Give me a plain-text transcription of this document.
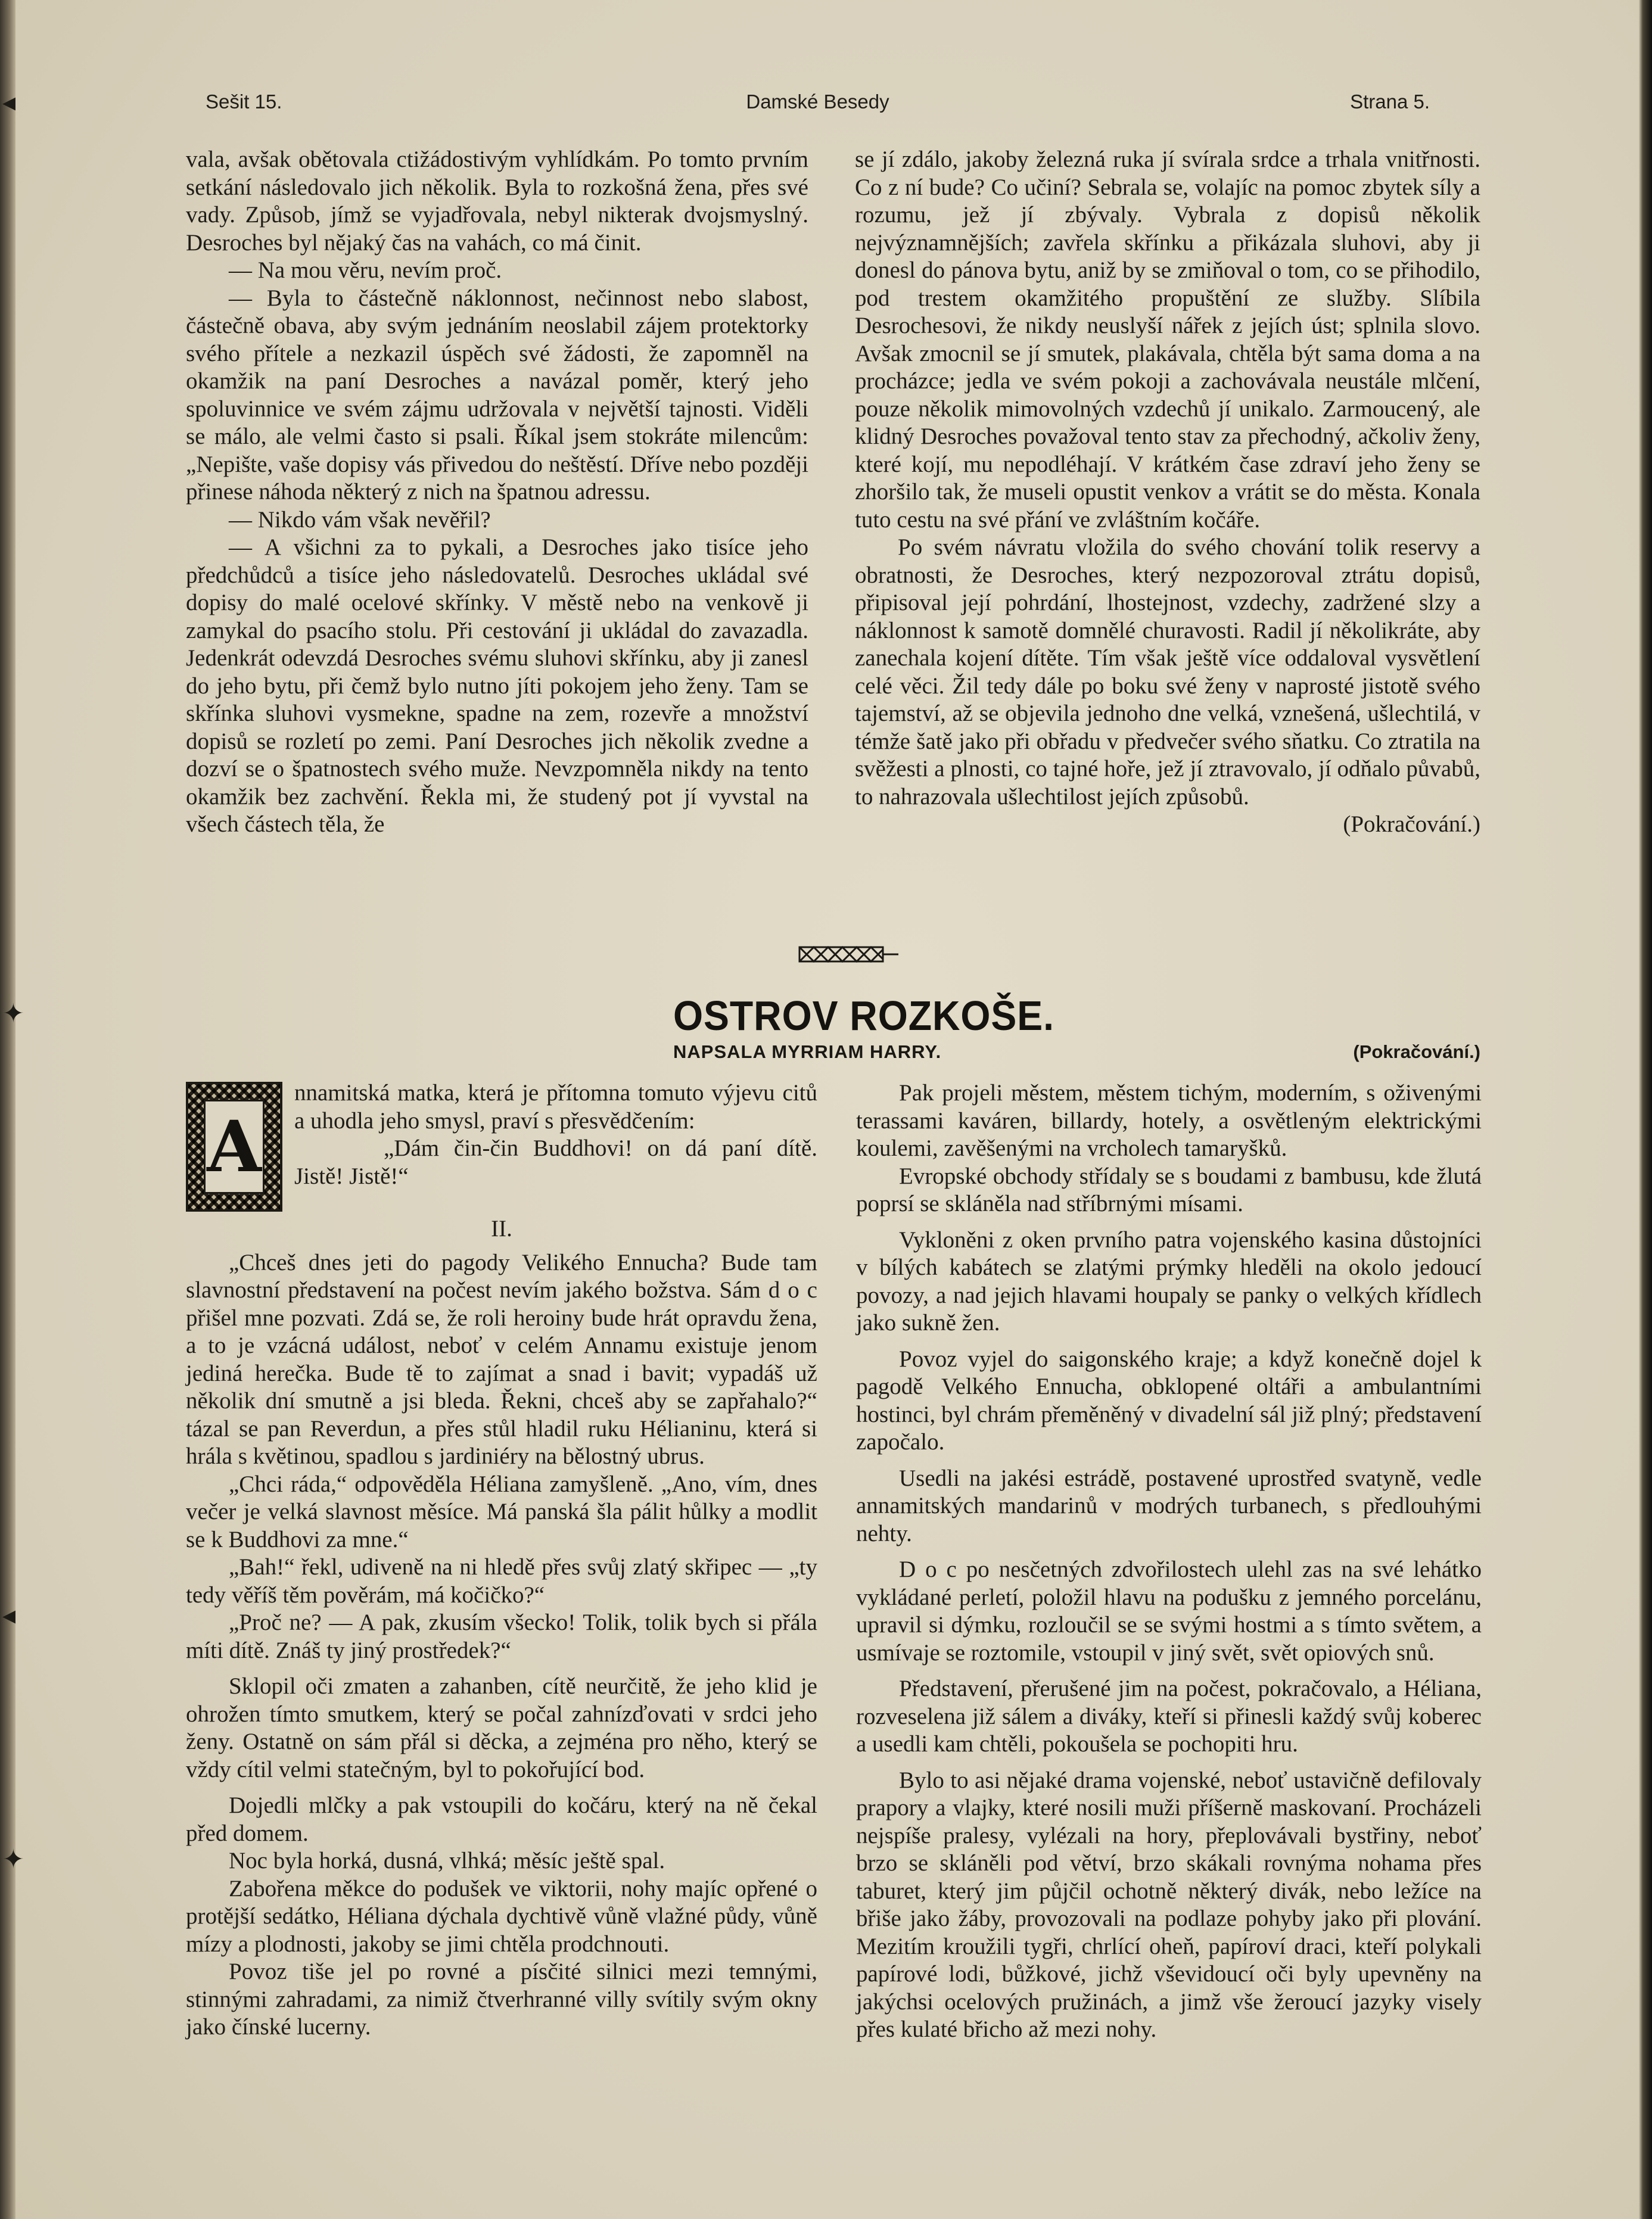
◂
✦
◂
✦
Sešit 15.	Damské Besedy	Strana 5.

vala, avšak obětovala ctižádostivým vyhlídkám. Po tomto prvním setkání následovalo jich několik. Byla to rozkošná žena, přes své vady. Způsob, jímž se vyjadřovala, nebyl nikterak dvojsmyslný. Desroches byl nějaký čas na vahách, co má činit.

— Na mou věru, nevím proč.

— Byla to částečně náklonnost, nečinnost nebo slabost, částečně obava, aby svým jednáním neoslabil zájem protektorky svého přítele a nezkazil úspěch své žádosti, že zapomněl na okamžik na paní Desroches a navázal poměr, který jeho spoluvinnice ve svém zájmu udržovala v největší tajnosti. Viděli se málo, ale velmi často si psali. Říkal jsem stokráte milencům: „Nepište, vaše dopisy vás přivedou do neštěstí. Dříve nebo později přinese náhoda některý z nich na špatnou adressu.

— Nikdo vám však nevěřil?

— A všichni za to pykali, a Desroches jako tisíce jeho předchůdců a tisíce jeho následovatelů. Desroches ukládal své dopisy do malé ocelové skřínky. V městě nebo na venkově ji zamykal do psacího stolu. Při cestování ji ukládal do zavazadla. Jedenkrát odevzdá Desroches svému sluhovi skřínku, aby ji zanesl do jeho bytu, při čemž bylo nutno jíti pokojem jeho ženy. Tam se skřínka sluhovi vysmekne, spadne na zem, rozevře a množství dopisů se rozletí po zemi. Paní Desroches jich několik zvedne a dozví se o špatnostech svého muže. Nevzpomněla nikdy na tento okamžik bez zachvění. Řekla mi, že studený pot jí vyvstal na všech částech těla, že

se jí zdálo, jakoby železná ruka jí svírala srdce a trhala vnitřnosti. Co z ní bude? Co učiní? Sebrala se, volajíc na pomoc zbytek síly a rozumu, jež jí zbývaly. Vybrala z dopisů několik nejvýznamnějších; zavřela skřínku a přikázala sluhovi, aby ji donesl do pánova bytu, aniž by se zmiňoval o tom, co se přihodilo, pod trestem okamžitého propuštění ze služby. Slíbila Desrochesovi, že nikdy neuslyší nářek z jejích úst; splnila slovo. Avšak zmocnil se jí smutek, plakávala, chtěla být sama doma a na procházce; jedla ve svém pokoji a zachovávala neustále mlčení, pouze několik mimovolných vzdechů jí unikalo. Zarmoucený, ale klidný Desroches považoval tento stav za přechodný, ačkoliv ženy, které kojí, mu nepodléhají. V krátkém čase zdraví jeho ženy se zhoršilo tak, že museli opustit venkov a vrátit se do města. Konala tuto cestu na své přání ve zvláštním kočáře.

Po svém návratu vložila do svého chování tolik reservy a obratnosti, že Desroches, který nezpozoroval ztrátu dopisů, připisoval její pohrdání, lhostejnost, vzdechy, zadržené slzy a náklonnost k samotě domnělé churavosti. Radil jí několikráte, aby zanechala kojení dítěte. Tím však ještě více oddaloval vysvětlení celé věci. Žil tedy dále po boku své ženy v naprosté jistotě svého tajemství, až se objevila jednoho dne velká, vznešená, ušlechtilá, v témže šatě jako při obřadu v předvečer svého sňatku. Co ztratila na svěžesti a plnosti, co tajné hoře, jež jí ztravovalo, jí odňalo půvabů, to nahrazovala ušlechtilost jejích způsobů.

(Pokračování.)
OSTROV ROZKOŠE.
NAPSALA MYRRIAM HARRY.	(Pokračování.)
A

nnamitská matka, která je přítomna tomuto výjevu citů a uhodla jeho smysl, praví s přesvědčením:

„Dám čin-čin Buddhovi! on dá paní dítě. Jistě! Jistě!“

II.

„Chceš dnes jeti do pagody Velikého Ennucha? Bude tam slavnostní představení na počest nevím jakého božstva. Sám d o c přišel mne pozvati. Zdá se, že roli heroiny bude hrát opravdu žena, a to je vzácná událost, neboť v celém Annamu existuje jenom jediná herečka. Bude tě to zajímat a snad i bavit; vypadáš už několik dní smutně a jsi bleda. Řekni, chceš aby se zapřahalo?“ tázal se pan Reverdun, a přes stůl hladil ruku Hélianinu, která si hrála s květinou, spadlou s jardiniéry na bělostný ubrus.

„Chci ráda,“ odpověděla Héliana zamyšleně. „Ano, vím, dnes večer je velká slavnost měsíce. Má panská šla pálit hůlky a modlit se k Buddhovi za mne.“

„Bah!“ řekl, udiveně na ni hledě přes svůj zlatý skřipec — „ty tedy věříš těm pověrám, má kočičko?“

„Proč ne? — A pak, zkusím všecko! Tolik, tolik bych si přála míti dítě. Znáš ty jiný prostředek?“

Sklopil oči zmaten a zahanben, cítě neurčitě, že jeho klid je ohrožen tímto smutkem, který se počal zahnízďovati v srdci jeho ženy. Ostatně on sám přál si děcka, a zejména pro něho, který se vždy cítil velmi statečným, byl to pokořující bod.

Dojedli mlčky a pak vstoupili do kočáru, který na ně čekal před domem.

Noc byla horká, dusná, vlhká; měsíc ještě spal.

Zabořena měkce do podušek ve viktorii, nohy majíc opřené o protější sedátko, Héliana dýchala dychtivě vůně vlažné půdy, vůně mízy a plodnosti, jakoby se jimi chtěla prodchnouti.

Povoz tiše jel po rovné a písčité silnici mezi temnými, stinnými zahradami, za nimiž čtverhranné villy svítily svým okny jako čínské lucerny.

Pak projeli městem, městem tichým, moderním, s oživenými terassami kaváren, billardy, hotely, a osvětleným elektrickými koulemi, zavěšenými na vrcholech tamaryšků.

Evropské obchody střídaly se s boudami z bambusu, kde žlutá poprsí se skláněla nad stříbrnými mísami.

Vykloněni z oken prvního patra vojenského kasina důstojníci v bílých kabátech se zlatými prýmky hleděli na okolo jedoucí povozy, a nad jejich hlavami houpaly se panky o velkých křídlech jako sukně žen.

Povoz vyjel do saigonského kraje; a když konečně dojel k pagodě Velkého Ennucha, obklopené oltáři a ambulantními hostinci, byl chrám přeměněný v divadelní sál již plný; představení započalo.

Usedli na jakési estrádě, postavené uprostřed svatyně, vedle annamitských mandarinů v modrých turbanech, s předlouhými nehty.

D o c po nesčetných zdvořilostech ulehl zas na své lehátko vykládané perletí, položil hlavu na podušku z jemného porcelánu, upravil si dýmku, rozloučil se se svými hostmi a s tímto světem, a usmívaje se roztomile, vstoupil v jiný svět, svět opiových snů.

Představení, přerušené jim na počest, pokračovalo, a Héliana, rozveselena již sálem a diváky, kteří si přinesli každý svůj koberec a usedli kam chtěli, pokoušela se pochopiti hru.

Bylo to asi nějaké drama vojenské, neboť ustavičně defilovaly prapory a vlajky, které nosili muži příšerně maskovaní. Procházeli nejspíše pralesy, vylézali na hory, přeplovávali bystřiny, neboť brzo se skláněli pod větví, brzo skákali rovnýma nohama přes taburet, který jim půjčil ochotně některý divák, nebo ležíce na břiše jako žáby, provozovali na podlaze pohyby jako při plování. Mezitím kroužili tygři, chrlící oheň, papíroví draci, kteří polykali papírové lodi, bůžkové, jichž vševidoucí oči byly upevněny na jakýchsi ocelových pružinách, a jimž vše žeroucí jazyky visely přes kulaté břicho až mezi nohy.
